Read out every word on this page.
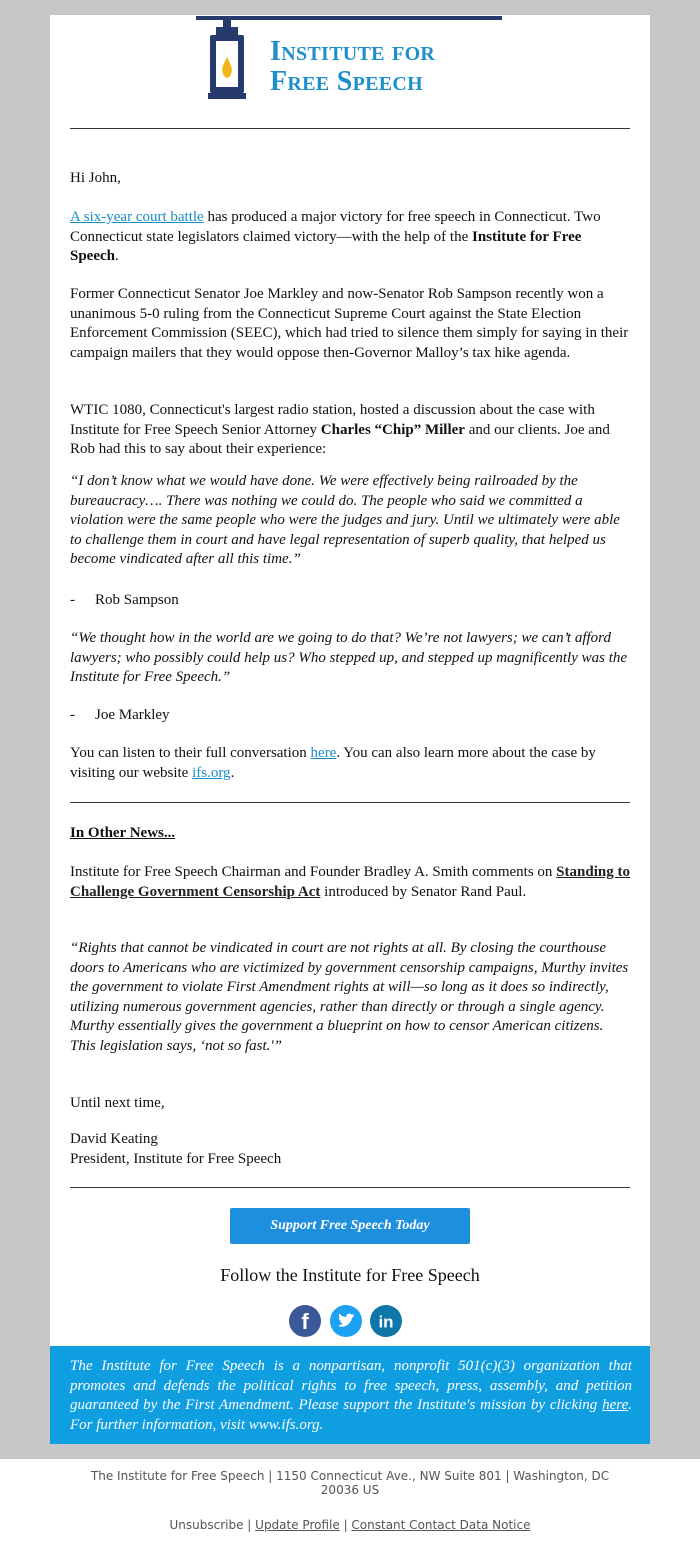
Institute for
Free Speech

Hi John,

A six-year court battle has produced a major victory for free speech in Connecticut. Two Connecticut state legislators claimed victory—with the help of the Institute for Free Speech.

Former Connecticut Senator Joe Markley and now-Senator Rob Sampson recently won a unanimous 5-0 ruling from the Connecticut Supreme Court against the State Election Enforcement Commission (SEEC), which had tried to silence them simply for saying in their campaign mailers that they would oppose then-Governor Malloy’s tax hike agenda.

WTIC 1080, Connecticut's largest radio station, hosted a discussion about the case with Institute for Free Speech Senior Attorney Charles “Chip” Miller and our clients. Joe and Rob had this to say about their experience:

“I don’t know what we would have done. We were effectively being railroaded by the bureaucracy…. There was nothing we could do. The people who said we committed a violation were the same people who were the judges and jury. Until we ultimately were able to challenge them in court and have legal representation of superb quality, that helped us become vindicated after all this time.”

- Rob Sampson

“We thought how in the world are we going to do that? We’re not lawyers; we can’t afford lawyers; who possibly could help us? Who stepped up, and stepped up magnificently was the Institute for Free Speech.”

- Joe Markley

You can listen to their full conversation here. You can also learn more about the case by visiting our website ifs.org.

In Other News...

Institute for Free Speech Chairman and Founder Bradley A. Smith comments on Standing to Challenge Government Censorship Act introduced by Senator Rand Paul.

“Rights that cannot be vindicated in court are not rights at all. By closing the courthouse doors to Americans who are victimized by government censorship campaigns, Murthy invites the government to violate First Amendment rights at will—so long as it does so indirectly, utilizing numerous government agencies, rather than directly or through a single agency. Murthy essentially gives the government a blueprint on how to censor American citizens. This legislation says, ‘not so fast.'”

Until next time,

David Keating

President, Institute for Free Speech

Support Free Speech Today
Follow the Institute for Free Speech
f	in

The Institute for Free Speech is a nonpartisan, nonprofit 501(c)(3) organization that promotes and defends the political rights to free speech, press, assembly, and petition guaranteed by the First Amendment. Please support the Institute's mission by clicking here. For further information, visit www.ifs.org.

The Institute for Free Speech | 1150 Connecticut Ave., NW Suite 801 | Washington, DC 20036 US
Unsubscribe | Update Profile | Constant Contact Data Notice
